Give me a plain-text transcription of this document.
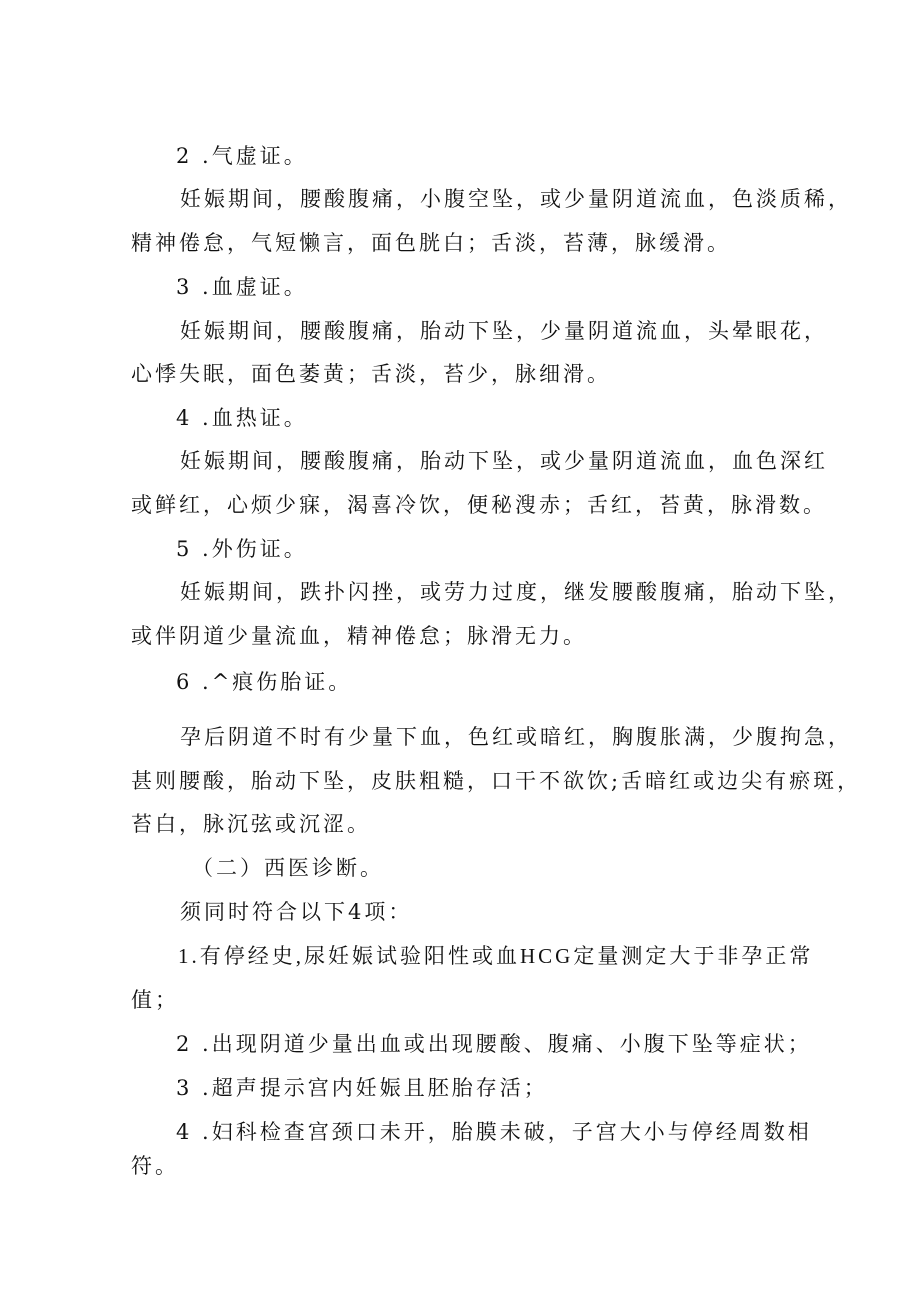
2 .气虚证。
妊娠期间，腰酸腹痛，小腹空坠，或少量阴道流血，色淡质稀，
精神倦怠，气短懒言，面色胱白；舌淡，苔薄，脉缓滑。
3 .血虚证。
妊娠期间，腰酸腹痛，胎动下坠，少量阴道流血，头晕眼花，
心悸失眠，面色萎黄；舌淡，苔少，脉细滑。
4 .血热证。
妊娠期间，腰酸腹痛，胎动下坠，或少量阴道流血，血色深红
或鲜红，心烦少寐，渴喜冷饮，便秘溲赤；舌红，苔黄，脉滑数。
5 .外伤证。
妊娠期间，跌扑闪挫，或劳力过度，继发腰酸腹痛，胎动下坠，
或伴阴道少量流血，精神倦怠；脉滑无力。
6 .^痕伤胎证。
孕后阴道不时有少量下血，色红或暗红，胸腹胀满，少腹拘急，
甚则腰酸，胎动下坠，皮肤粗糙，口干不欲饮;舌暗红或边尖有瘀斑，
苔白，脉沉弦或沉涩。
（二）西医诊断。
须同时符合以下4项：
1.有停经史,尿妊娠试验阳性或血HCG定量测定大于非孕正常
值；
2 .出现阴道少量出血或出现腰酸、腹痛、小腹下坠等症状；
3 .超声提示宫内妊娠且胚胎存活；
4 .妇科检查宫颈口未开，胎膜未破，子宫大小与停经周数相
符。
